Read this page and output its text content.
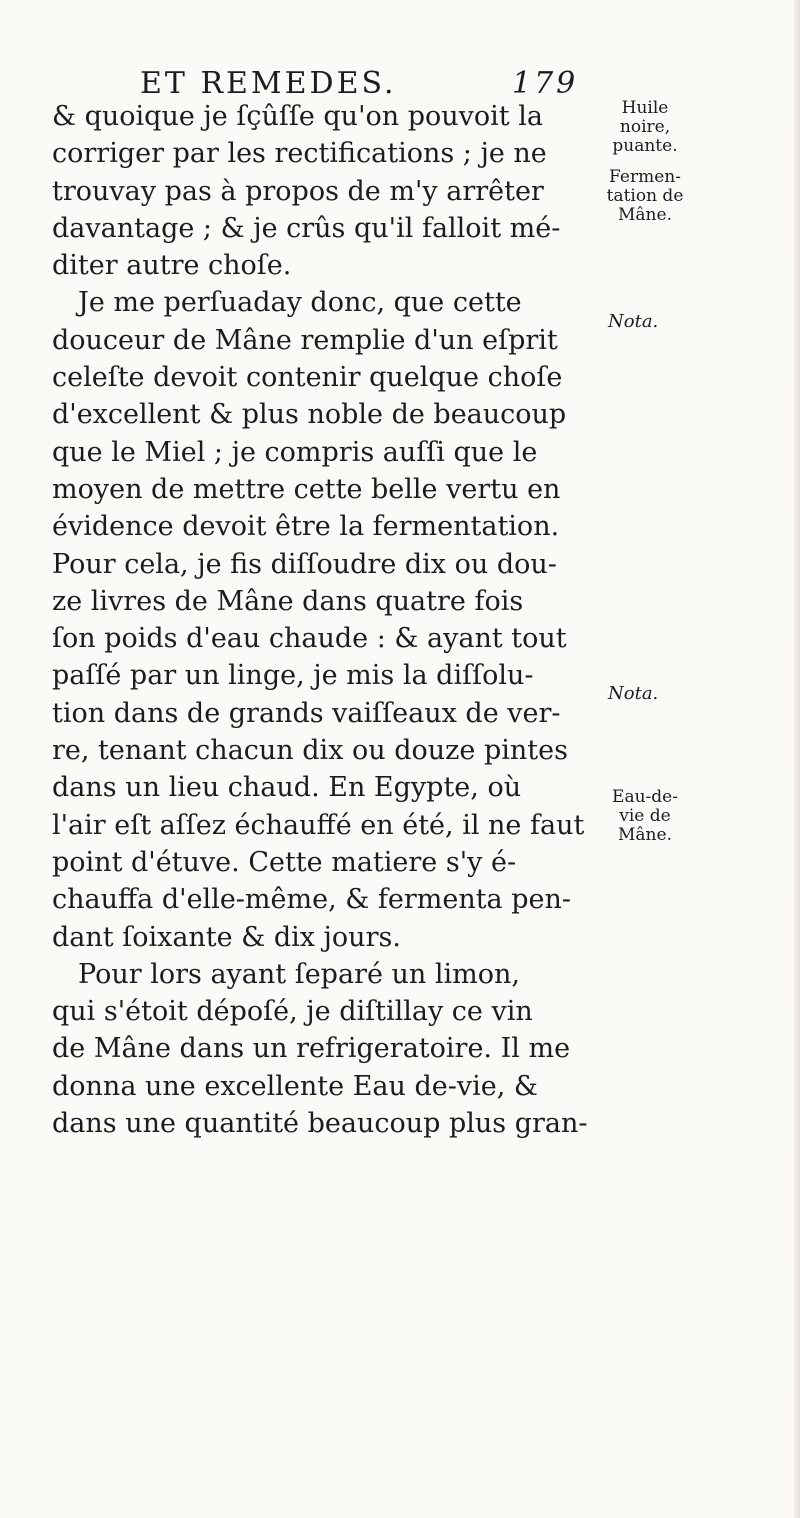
ET REMEDES.	179
& quoique je ſçûſſe qu'on pouvoit la
corriger par les rectifications ; je ne
trouvay pas à propos de m'y arrêter
davantage ; & je crûs qu'il falloit mé-
diter autre choſe.
Je me perſuaday donc, que cette
douceur de Mâne remplie d'un eſprit
celeſte devoit contenir quelque choſe
d'excellent & plus noble de beaucoup
que le Miel ; je compris auſſi que le
moyen de mettre cette belle vertu en
évidence devoit être la fermentation.
Pour cela, je fis diſſoudre dix ou dou-
ze livres de Mâne dans quatre fois
ſon poids d'eau chaude : & ayant tout
paſſé par un linge, je mis la diſſolu-
tion dans de grands vaiſſeaux de ver-
re, tenant chacun dix ou douze pintes
dans un lieu chaud. En Egypte, où
l'air eſt aſſez échauffé en été, il ne faut
point d'étuve. Cette matiere s'y é-
chauffa d'elle-même, & fermenta pen-
dant ſoixante & dix jours.
Pour lors ayant ſeparé un limon,
qui s'étoit dépoſé, je diſtillay ce vin
de Mâne dans un refrigeratoire. Il me
donna une excellente Eau de-vie, &
dans une quantité beaucoup plus gran-
Huile
noire,
puante.
Fermen-
tation de
Mâne.
Nota.
Nota.
Eau-de-
vie de
Mâne.
